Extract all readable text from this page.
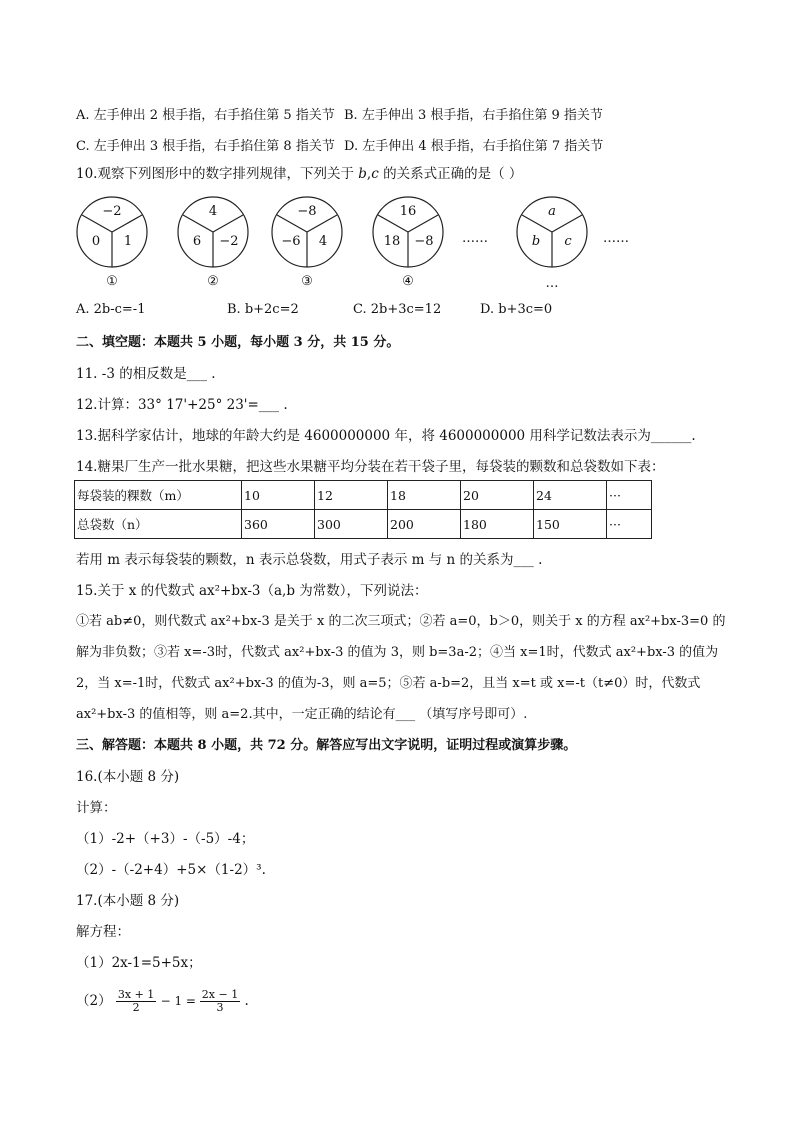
A. 左手伸出 2 根手指，右手掐住第 5 指关节 B. 左手伸出 3 根手指，右手掐住第 9 指关节
C. 左手伸出 3 根手指，右手掐住第 8 指关节 D. 左手伸出 4 根手指，右手掐住第 7 指关节
10.观察下列图形中的数字排列规律，下列关于 b,c 的关系式正确的是（ ）
−2
0	1
①
4
6	−2
②
−8
−6	4
③
16
18	−8
④
……
a
b	c
…
……
A. 2b-c=-1	B. b+2c=2	C. 2b+3c=12	D. b+3c=0
二、填空题：本题共 5 小题，每小题 3 分，共 15 分。
11. -3 的相反数是___ .
12.计算：33° 17'+25° 23'=___ .
13.据科学家估计，地球的年龄大约是 4600000000 年，将 4600000000 用科学记数法表示为______.
14.糖果厂生产一批水果糖，把这些水果糖平均分装在若干袋子里，每袋装的颗数和总袋数如下表：
每袋装的粿数（m）	10	12	18	20	24	···
总袋数（n）	360	300	200	180	150	···
若用 m 表示每袋装的颗数，n 表示总袋数，用式子表示 m 与 n 的关系为___ .
15.关于 x 的代数式 ax²+bx-3（a,b 为常数），下列说法：
①若 ab≠0，则代数式 ax²+bx-3 是关于 x 的二次三项式；②若 a=0，b＞0，则关于 x 的方程 ax²+bx-3=0 的
解为非负数；③若 x=-3时，代数式 ax²+bx-3 的值为 3，则 b=3a-2；④当 x=1时，代数式 ax²+bx-3 的值为
2，当 x=-1时，代数式 ax²+bx-3 的值为-3，则 a=5；⑤若 a-b=2，且当 x=t 或 x=-t（t≠0）时，代数式
ax²+bx-3 的值相等，则 a=2.其中，一定正确的结论有___ （填写序号即可）.
三、解答题：本题共 8 小题，共 72 分。解答应写出文字说明，证明过程或演算步骤。
16.(本小题 8 分)
计算：
（1）-2+（+3）-（-5）-4；
（2）-（-2+4）+5×（1-2）³.
17.(本小题 8 分)
解方程：
（1）2x-1=5+5x；
$(2) \frac{3x + 1}{2} - 1 = \frac{2x - 1}{3}$ .
